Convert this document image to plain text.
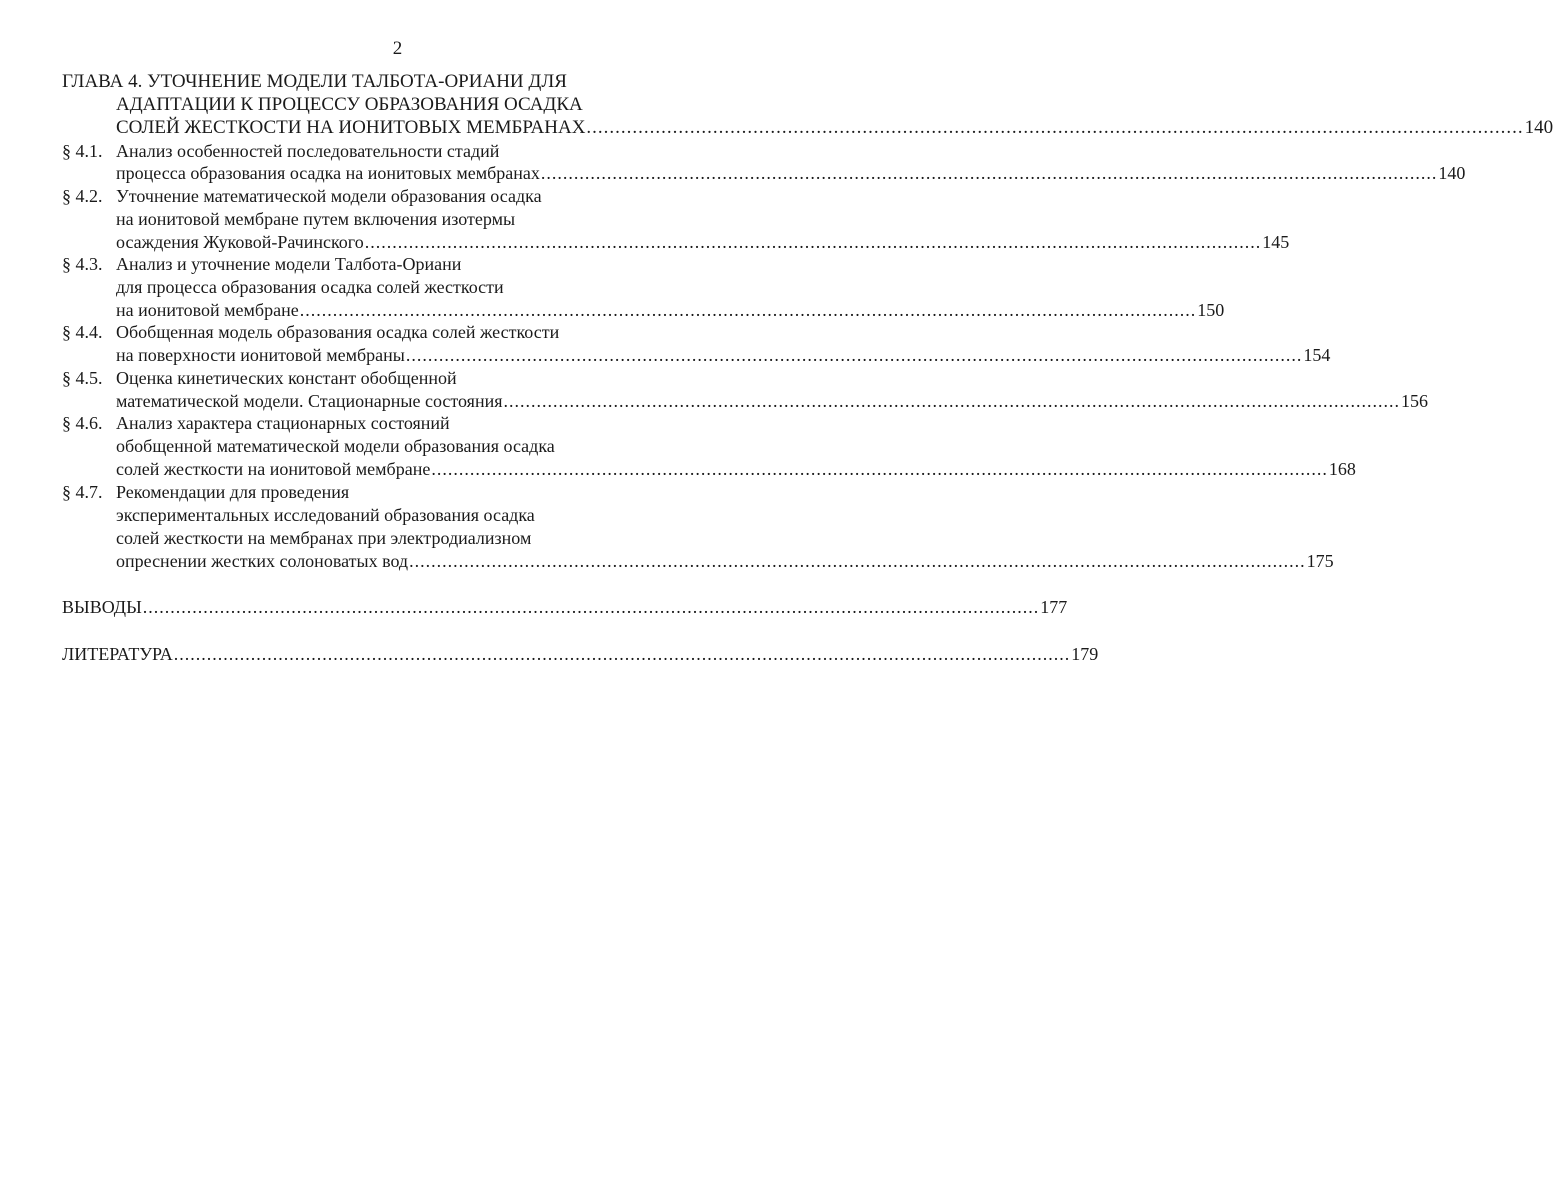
2
ГЛАВА 4. УТОЧНЕНИЕ МОДЕЛИ ТАЛБОТА-ОРИАНИ ДЛЯ
АДАПТАЦИИ К ПРОЦЕССУ ОБРАЗОВАНИЯ ОСАДКА
СОЛЕЙ ЖЕСТКОСТИ НА ИОНИТОВЫХ МЕМБРАНАХ ................................................................................................................................................................... 140
§ 4.1. Анализ особенностей последовательности стадий
процесса образования осадка на ионитовых мембранах ................................................................................................................................................................... 140
§ 4.2. Уточнение математической модели образования осадка
на ионитовой мембране путем включения изотермы
осаждения Жуковой-Рачинского ................................................................................................................................................................... 145
§ 4.3. Анализ и уточнение модели Талбота-Ориани
для процесса образования осадка солей жесткости
на ионитовой мембране ................................................................................................................................................................... 150
§ 4.4. Обобщенная модель образования осадка солей жесткости
на поверхности ионитовой мембраны ................................................................................................................................................................... 154
§ 4.5. Оценка кинетических констант обобщенной
математической модели. Стационарные состояния ................................................................................................................................................................... 156
§ 4.6. Анализ характера стационарных состояний
обобщенной математической модели образования осадка
солей жесткости на ионитовой мембране ................................................................................................................................................................... 168
§ 4.7. Рекомендации для проведения
экспериментальных исследований образования осадка
солей жесткости на мембранах при электродиализном
опреснении жестких солоноватых вод ................................................................................................................................................................... 175
ВЫВОДЫ ................................................................................................................................................................... 177
ЛИТЕРАТУРА ................................................................................................................................................................... 179
